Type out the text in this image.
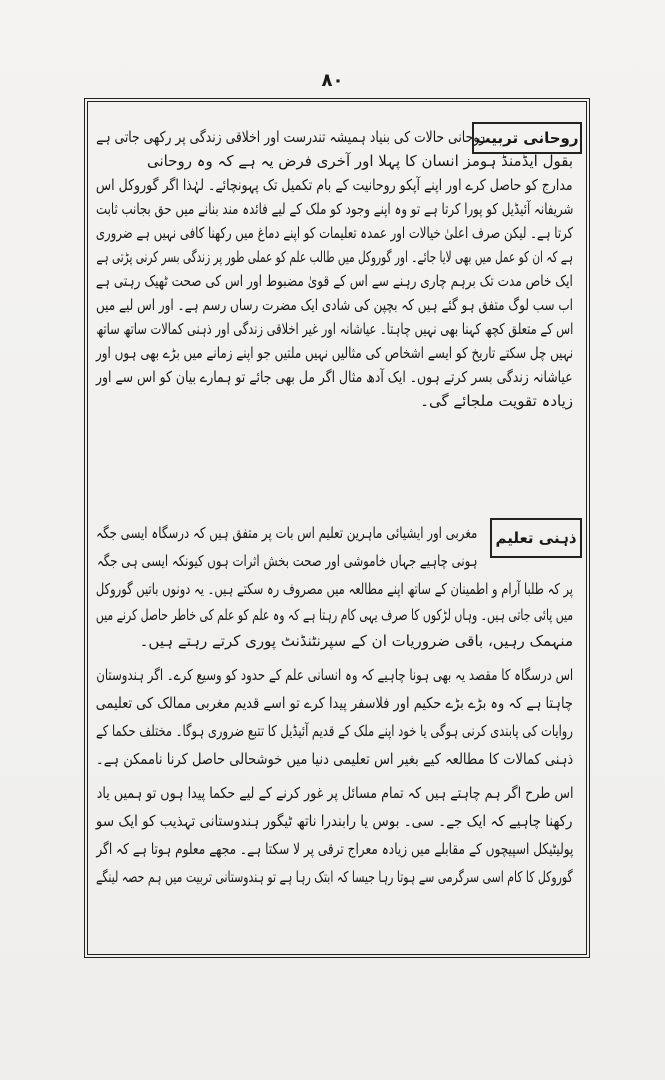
۸۰
روحانی تربیت
روحانی حالات کی بنیاد ہمیشہ تندرست اور اخلاقی زندگی پر رکھی جاتی ہے
بقول ایڈمنڈ ہومز انسان کا پہلا اور آخری فرض یہ ہے کہ وہ روحانی
مدارج کو حاصل کرے اور اپنے آپکو روحانیت کے بام تکمیل تک پہونچائے۔ لہٰذا اگر گوروکل اس
شریفانہ آئیڈیل کو پورا کرتا ہے تو وہ اپنے وجود کو ملک کے لیے فائدہ مند بنانے میں حق بجانب ثابت
کرتا ہے۔ لیکن صرف اعلیٰ خیالات اور عمدہ تعلیمات کو اپنے دماغ میں رکھنا کافی نہیں ہے ضروری
ہے کہ ان کو عمل میں بھی لایا جائے۔ اور گوروکل میں طالب علم کو عملی طور پر زندگی بسر کرنی پڑتی ہے
ایک خاص مدت تک برہم چاری رہنے سے اس کے قویٰ مضبوط اور اس کی صحت ٹھیک رہتی ہے
اب سب لوگ متفق ہو گئے ہیں کہ بچپن کی شادی ایک مضرت رساں رسم ہے۔ اور اس لیے میں
اس کے متعلق کچھ کہنا بھی نہیں چاہتا۔ عیاشانہ اور غیر اخلاقی زندگی اور ذہنی کمالات ساتھ ساتھ
نہیں چل سکتے تاریخ کو ایسے اشخاص کی مثالیں نہیں ملتیں جو اپنے زمانے میں بڑے بھی ہوں اور
عیاشانہ زندگی بسر کرتے ہوں۔ ایک آدھ مثال اگر مل بھی جائے تو ہمارے بیان کو اس سے اور
زیادہ تقویت ملجائے گی۔
ذہنی تعلیم
مغربی اور ایشیائی ماہرین تعلیم اس بات پر متفق ہیں کہ درسگاہ ایسی جگہ
ہونی چاہیے جہاں خاموشی اور صحت بخش اثرات ہوں کیونکہ ایسی ہی جگہ
پر کہ طلبا آرام و اطمینان کے ساتھ اپنے مطالعہ میں مصروف رہ سکتے ہیں۔ یہ دونوں باتیں گوروکل
میں پائی جاتی ہیں۔ وہاں لڑکوں کا صرف یہی کام رہتا ہے کہ وہ علم کو علم کی خاطر حاصل کرنے میں
منہمک رہیں، باقی ضروریات ان کے سپرنٹنڈنٹ پوری کرتے رہتے ہیں۔
اس درسگاہ کا مقصد یہ بھی ہونا چاہیے کہ وہ انسانی علم کے حدود کو وسیع کرے۔ اگر ہندوستان
چاہتا ہے کہ وہ بڑے بڑے حکیم اور فلاسفر پیدا کرے تو اسے قدیم مغربی ممالک کی تعلیمی
روایات کی پابندی کرنی ہوگی یا خود اپنے ملک کے قدیم آئیڈیل کا تتبع ضروری ہوگا۔ مختلف حکما کے
ذہنی کمالات کا مطالعہ کیے بغیر اس تعلیمی دنیا میں خوشحالی حاصل کرنا ناممکن ہے۔
اس طرح اگر ہم چاہتے ہیں کہ تمام مسائل پر غور کرنے کے لیے حکما پیدا ہوں تو ہمیں یاد
رکھنا چاہیے کہ ایک جے۔ سی۔ بوس یا رابندرا ناتھ ٹیگور ہندوستانی تہذیب کو ایک سو
پولیٹیکل اسپیچوں کے مقابلے میں زیادہ معراج ترقی پر لا سکتا ہے۔ مجھے معلوم ہوتا ہے کہ اگر
گوروکل کا کام اسی سرگرمی سے ہوتا رہا جیسا کہ ابتک رہا ہے تو ہندوستانی تربیت میں ہم حصہ لینگے
